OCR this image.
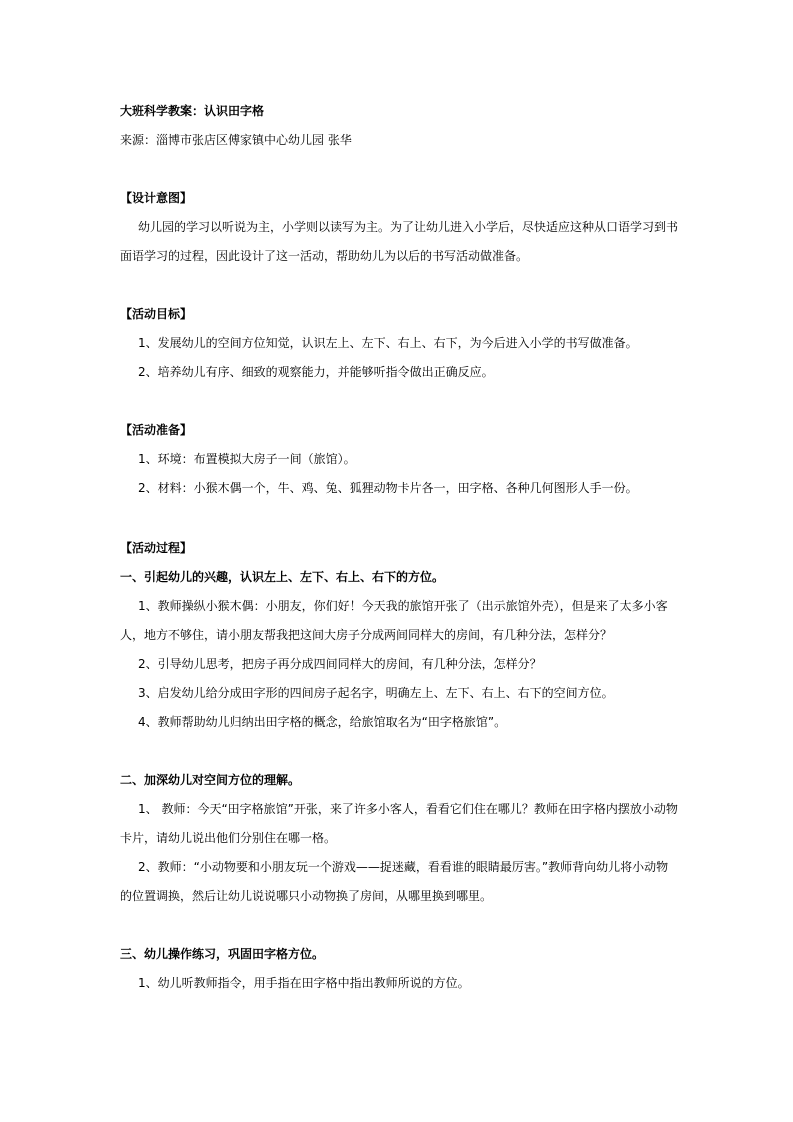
大班科学教案：认识田字格
来源：淄博市张店区傅家镇中心幼儿园 张华
【设计意图】
幼儿园的学习以听说为主，小学则以读写为主。为了让幼儿进入小学后，尽快适应这种从口语学习到书
面语学习的过程，因此设计了这一活动，帮助幼儿为以后的书写活动做准备。
【活动目标】
1、发展幼儿的空间方位知觉，认识左上、左下、右上、右下，为今后进入小学的书写做准备。
2、培养幼儿有序、细致的观察能力，并能够听指令做出正确反应。
【活动准备】
1、环境：布置模拟大房子一间（旅馆）。
2、材料：小猴木偶一个，牛、鸡、兔、狐狸动物卡片各一，田字格、各种几何图形人手一份。
【活动过程】
一、引起幼儿的兴趣，认识左上、左下、右上、右下的方位。
1、教师操纵小猴木偶：小朋友，你们好！今天我的旅馆开张了（出示旅馆外壳），但是来了太多小客
人，地方不够住，请小朋友帮我把这间大房子分成两间同样大的房间，有几种分法，怎样分？
2、引导幼儿思考，把房子再分成四间同样大的房间，有几种分法，怎样分？
3、启发幼儿给分成田字形的四间房子起名字，明确左上、左下、右上、右下的空间方位。
4、教师帮助幼儿归纳出田字格的概念，给旅馆取名为“田字格旅馆”。
二、加深幼儿对空间方位的理解。
1、 教师：今天“田字格旅馆”开张，来了许多小客人，看看它们住在哪儿？教师在田字格内摆放小动物
卡片，请幼儿说出他们分别住在哪一格。
2、教师：“小动物要和小朋友玩一个游戏——捉迷藏，看看谁的眼睛最厉害。”教师背向幼儿将小动物
的位置调换，然后让幼儿说说哪只小动物换了房间，从哪里换到哪里。
三、幼儿操作练习，巩固田字格方位。
1、幼儿听教师指令，用手指在田字格中指出教师所说的方位。
